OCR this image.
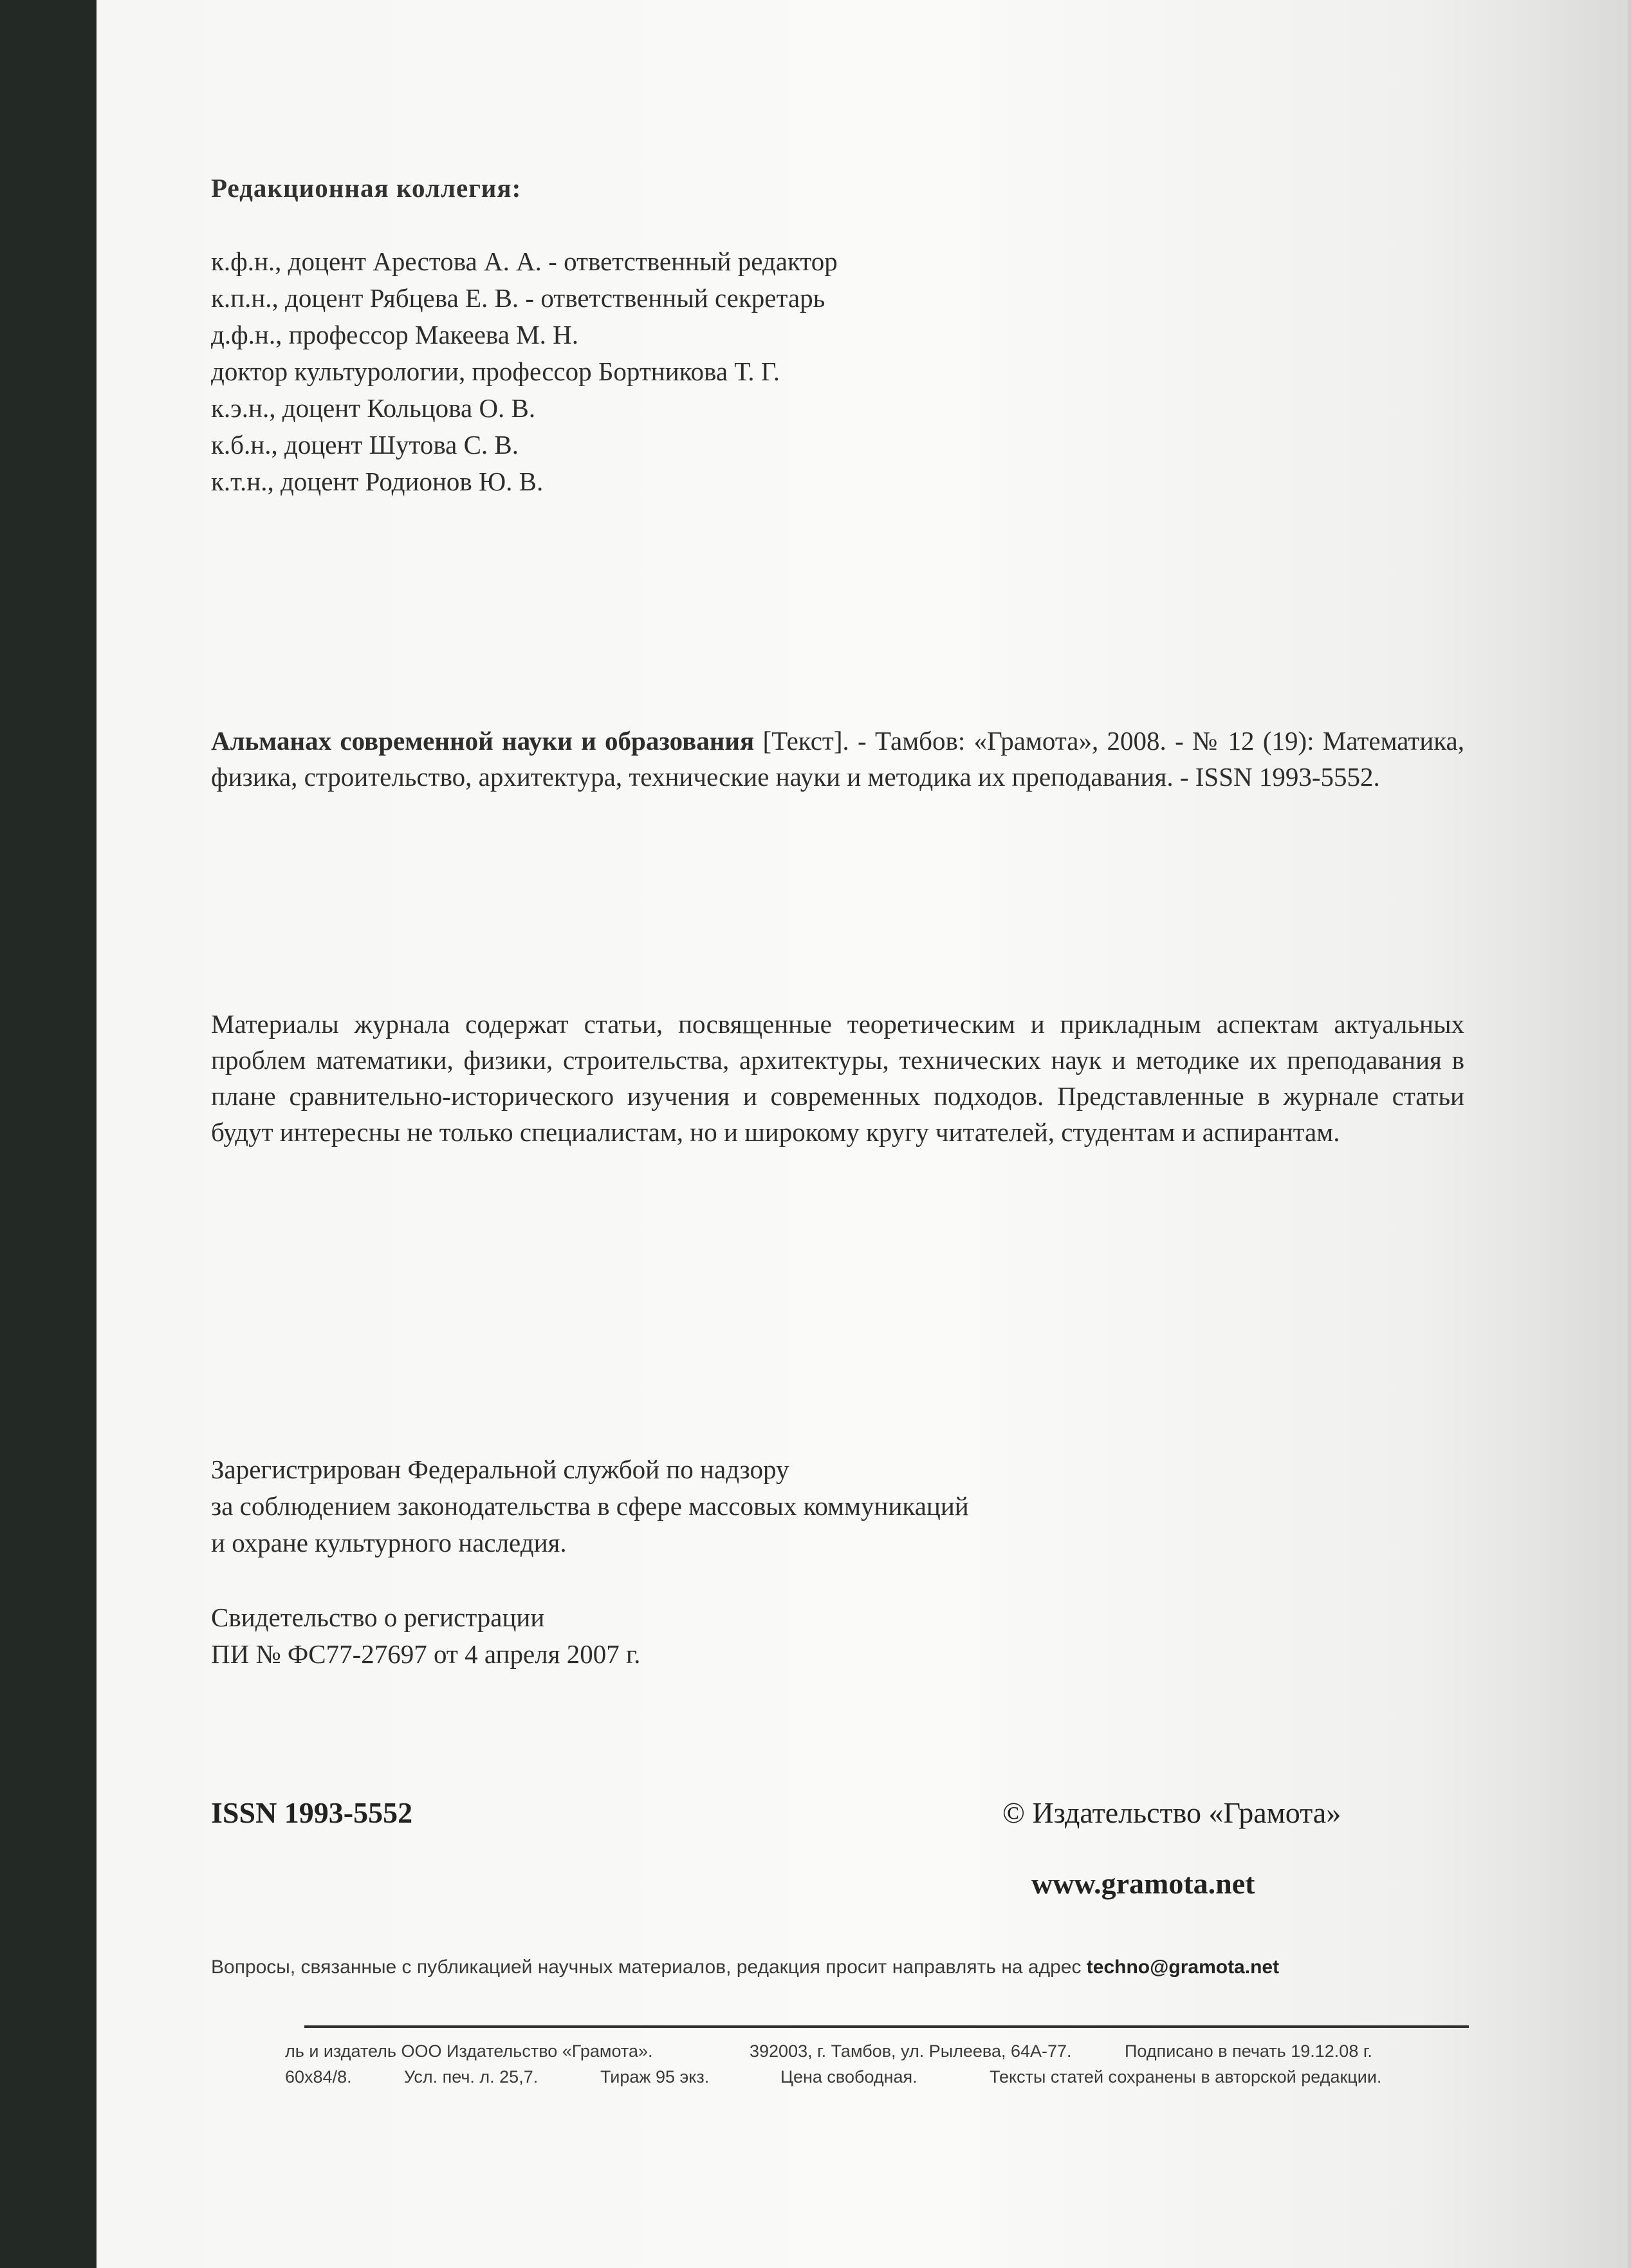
Редакционная коллегия:
к.ф.н., доцент Арестова А. А. - ответственный редактор
к.п.н., доцент Рябцева Е. В. - ответственный секретарь
д.ф.н., профессор Макеева М. Н.
доктор культурологии, профессор Бортникова Т. Г.
к.э.н., доцент Кольцова О. В.
к.б.н., доцент Шутова С. В.
к.т.н., доцент Родионов Ю. В.
Альманах современной науки и образования [Текст]. - Тамбов: «Грамота», 2008. - № 12 (19): Математика, физика, строительство, архитектура, технические науки и методика их преподавания. - ISSN 1993-5552.
Материалы журнала содержат статьи, посвященные теоретическим и прикладным аспектам актуальных проблем математики, физики, строительства, архитектуры, технических наук и методике их преподавания в плане сравнительно-исторического изучения и современных подходов. Представленные в журнале статьи будут интересны не только специалистам, но и широкому кругу читателей, студентам и аспирантам.
Зарегистрирован Федеральной службой по надзору
за соблюдением законодательства в сфере массовых коммуникаций
и охране культурного наследия.
Свидетельство о регистрации
ПИ № ФС77-27697 от 4 апреля 2007 г.
ISSN 1993-5552	© Издательство «Грамота»
www.gramota.net
Вопросы, связанные с публикацией научных материалов, редакция просит направлять на адрес techno@gramota.net
ль и издатель ООО Издательство «Грамота».	392003, г. Тамбов, ул. Рылеева, 64А-77.	Подписано в печать 19.12.08 г.
60x84/8.	Усл. печ. л. 25,7.	Тираж 95 экз.	Цена свободная.	Тексты статей сохранены в авторской редакции.
